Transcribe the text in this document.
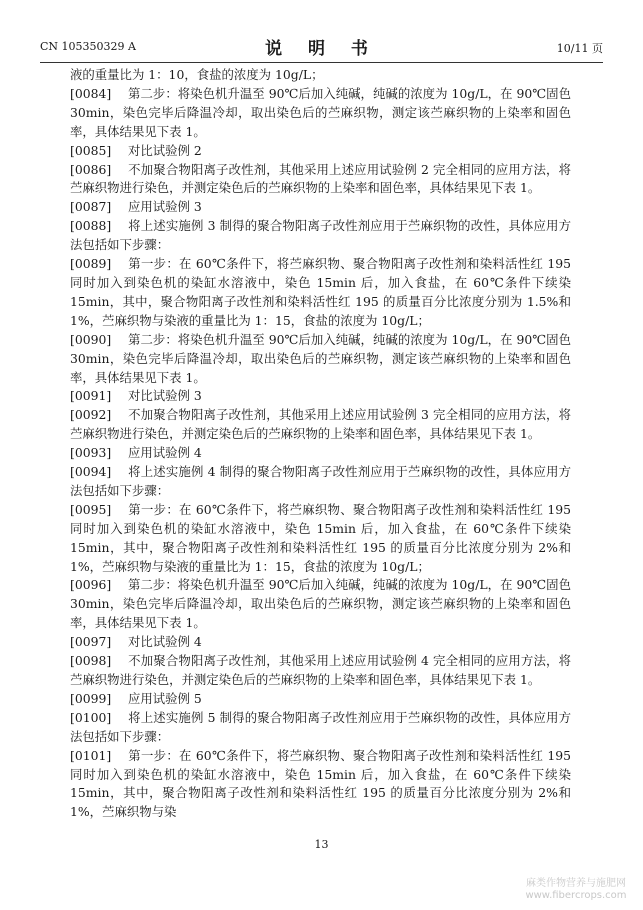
CN 105350329 A	说 明 书	10/11 页

液的重量比为 1：10，食盐的浓度为 10g/L；

[0084] 第二步：将染色机升温至 90℃后加入纯碱，纯碱的浓度为 10g/L，在 90℃固色30min，染色完毕后降温冷却，取出染色后的苎麻织物，测定该苎麻织物的上染率和固色率，具体结果见下表 1。

[0085] 对比试验例 2

[0086] 不加聚合物阳离子改性剂，其他采用上述应用试验例 2 完全相同的应用方法，将苎麻织物进行染色，并测定染色后的苎麻织物的上染率和固色率，具体结果见下表 1。

[0087] 应用试验例 3

[0088] 将上述实施例 3 制得的聚合物阳离子改性剂应用于苎麻织物的改性，具体应用方法包括如下步骤：

[0089] 第一步：在 60℃条件下，将苎麻织物、聚合物阳离子改性剂和染料活性红 195 同时加入到染色机的染缸水溶液中，染色 15min 后，加入食盐，在 60℃条件下续染 15min，其中，聚合物阳离子改性剂和染料活性红 195 的质量百分比浓度分别为 1.5%和 1%，苎麻织物与染液的重量比为 1：15，食盐的浓度为 10g/L；

[0090] 第二步：将染色机升温至 90℃后加入纯碱，纯碱的浓度为 10g/L，在 90℃固色30min，染色完毕后降温冷却，取出染色后的苎麻织物，测定该苎麻织物的上染率和固色率，具体结果见下表 1。

[0091] 对比试验例 3

[0092] 不加聚合物阳离子改性剂，其他采用上述应用试验例 3 完全相同的应用方法，将苎麻织物进行染色，并测定染色后的苎麻织物的上染率和固色率，具体结果见下表 1。

[0093] 应用试验例 4

[0094] 将上述实施例 4 制得的聚合物阳离子改性剂应用于苎麻织物的改性，具体应用方法包括如下步骤：

[0095] 第一步：在 60℃条件下，将苎麻织物、聚合物阳离子改性剂和染料活性红 195 同时加入到染色机的染缸水溶液中，染色 15min 后，加入食盐，在 60℃条件下续染 15min，其中，聚合物阳离子改性剂和染料活性红 195 的质量百分比浓度分别为 2%和 1%，苎麻织物与染液的重量比为 1：15，食盐的浓度为 10g/L；

[0096] 第二步：将染色机升温至 90℃后加入纯碱，纯碱的浓度为 10g/L，在 90℃固色30min，染色完毕后降温冷却，取出染色后的苎麻织物，测定该苎麻织物的上染率和固色率，具体结果见下表 1。

[0097] 对比试验例 4

[0098] 不加聚合物阳离子改性剂，其他采用上述应用试验例 4 完全相同的应用方法，将苎麻织物进行染色，并测定染色后的苎麻织物的上染率和固色率，具体结果见下表 1。

[0099] 应用试验例 5

[0100] 将上述实施例 5 制得的聚合物阳离子改性剂应用于苎麻织物的改性，具体应用方法包括如下步骤：

[0101] 第一步：在 60℃条件下，将苎麻织物、聚合物阳离子改性剂和染料活性红 195 同时加入到染色机的染缸水溶液中，染色 15min 后，加入食盐，在 60℃条件下续染 15min，其中，聚合物阳离子改性剂和染料活性红 195 的质量百分比浓度分别为 2%和 1%，苎麻织物与染

13
麻类作物营养与施肥网
www.fibercrops.com
